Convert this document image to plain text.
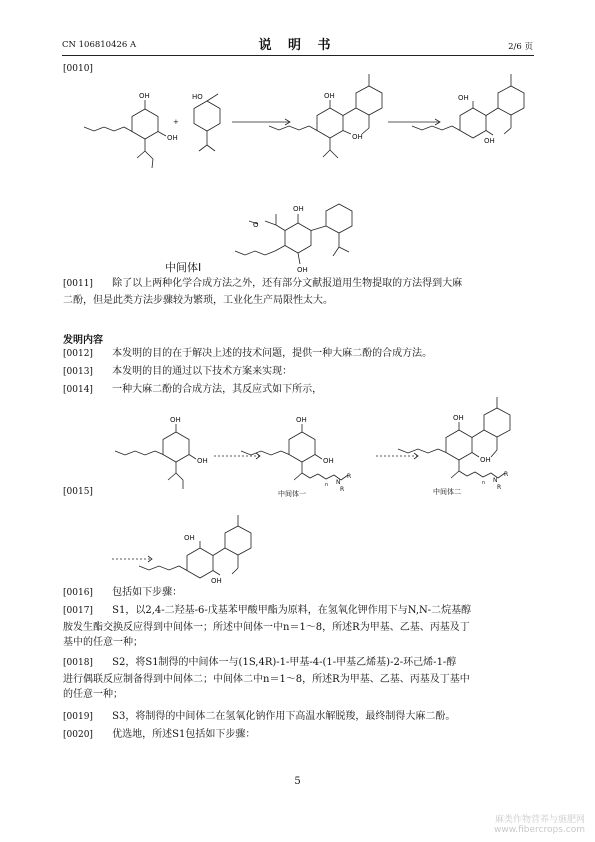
CN 106810426 A	说 明 书	2/6 页
[0010]
OH
OH
+
HO	OH
OH
OH
OH
OH
OH
O
中间体Ⅰ
[0011] 除了以上两种化学合成方法之外，还有部分文献报道用生物提取的方法得到大麻
二酚，但是此类方法步骤较为繁琐，工业化生产局限性太大。
发明内容
[0012] 本发明的目的在于解决上述的技术问题，提供一种大麻二酚的合成方法。
[0013] 本发明的目的通过以下技术方案来实现：
[0014] 一种大麻二酚的合成方法，其反应式如下所示，
[0015]
OH
OH
OH
OH
n N
R
R
中间体一
OH
OH
n N
R
R
中间体二
OH
OH
[0016] 包括如下步骤：
[0017] S1，以2,4-二羟基-6-戊基苯甲酸甲酯为原料，在氢氧化钾作用下与N,N-二烷基醇
胺发生酯交换反应得到中间体一；所述中间体一中n＝1～8，所述R为甲基、乙基、丙基及丁
基中的任意一种；
[0018] S2，将S1制得的中间体一与(1S,4R)-1-甲基-4-(1-甲基乙烯基)-2-环己烯-1-醇
进行偶联反应制备得到中间体二；中间体二中n＝1～8，所述R为甲基、乙基、丙基及丁基中
的任意一种；
[0019] S3，将制得的中间体二在氢氧化钠作用下高温水解脱羧，最终制得大麻二酚。
[0020] 优选地，所述S1包括如下步骤：
5
麻类作物营养与施肥网
www.fibercrops.com
